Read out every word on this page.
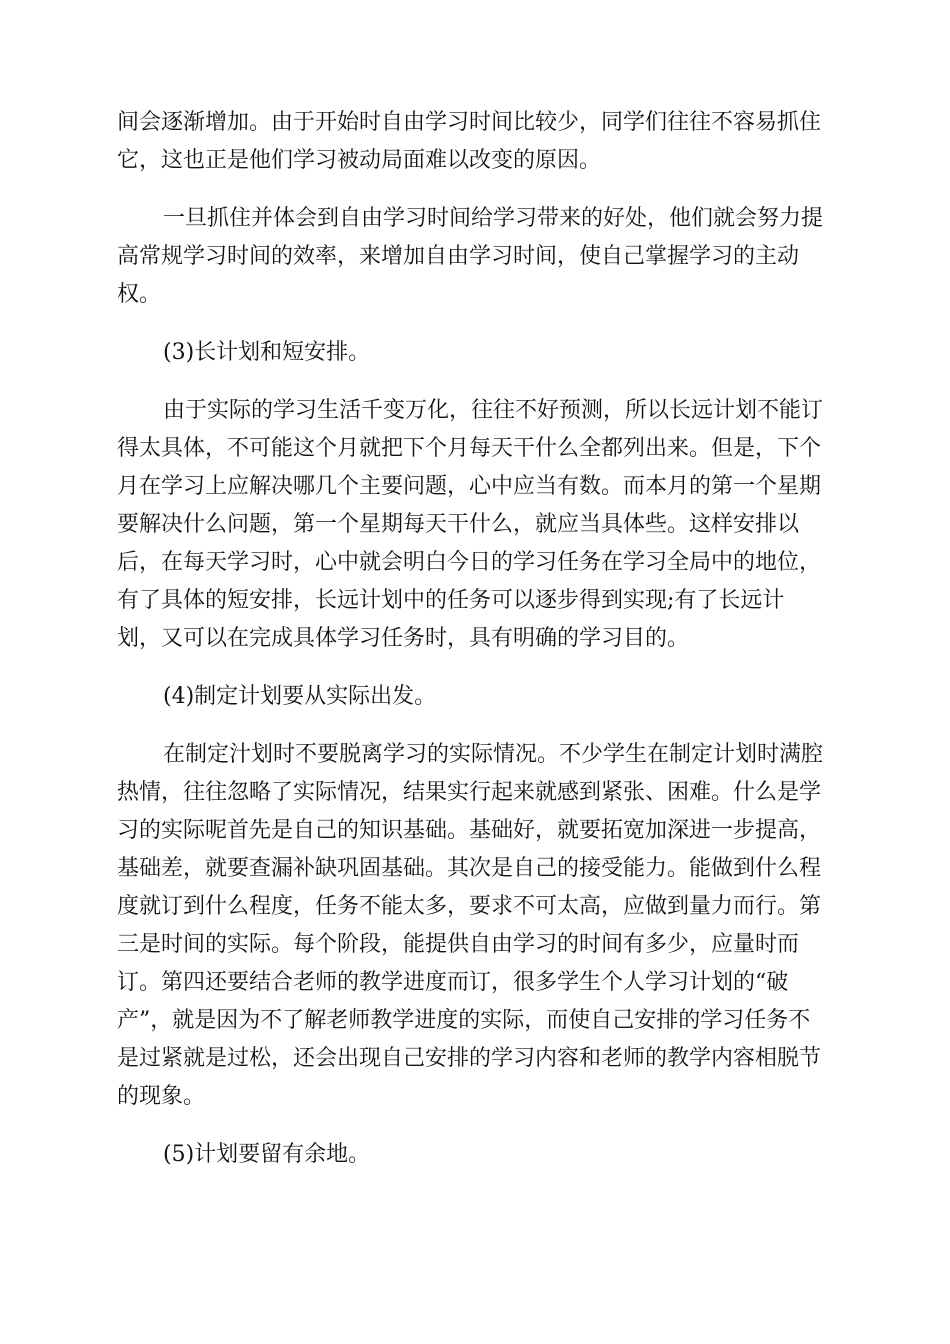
间会逐渐增加。由于开始时自由学习时间比较少，同学们往往不容易抓住
它，这也正是他们学习被动局面难以改变的原因。
一旦抓住并体会到自由学习时间给学习带来的好处，他们就会努力提
高常规学习时间的效率，来增加自由学习时间，使自己掌握学习的主动
权。
(3)长计划和短安排。
由于实际的学习生活千变万化，往往不好预测，所以长远计划不能订
得太具体，不可能这个月就把下个月每天干什么全都列出来。但是，下个
月在学习上应解决哪几个主要问题，心中应当有数。而本月的第一个星期
要解决什么问题，第一个星期每天干什么，就应当具体些。这样安排以
后，在每天学习时，心中就会明白今日的学习任务在学习全局中的地位，
有了具体的短安排，长远计划中的任务可以逐步得到实现;有了长远计
划，又可以在完成具体学习任务时，具有明确的学习目的。
(4)制定计划要从实际出发。
在制定汁划时不要脱离学习的实际情况。不少学生在制定计划时满腔
热情，往往忽略了实际情况，结果实行起来就感到紧张、困难。什么是学
习的实际呢首先是自己的知识基础。基础好，就要拓宽加深进一步提高，
基础差，就要查漏补缺巩固基础。其次是自己的接受能力。能做到什么程
度就订到什么程度，任务不能太多，要求不可太高，应做到量力而行。第
三是时间的实际。每个阶段，能提供自由学习的时间有多少，应量时而
订。第四还要结合老师的教学进度而订，很多学生个人学习计划的“破
产”，就是因为不了解老师教学进度的实际，而使自己安排的学习任务不
是过紧就是过松，还会出现自己安排的学习内容和老师的教学内容相脱节
的现象。
(5)计划要留有余地。
